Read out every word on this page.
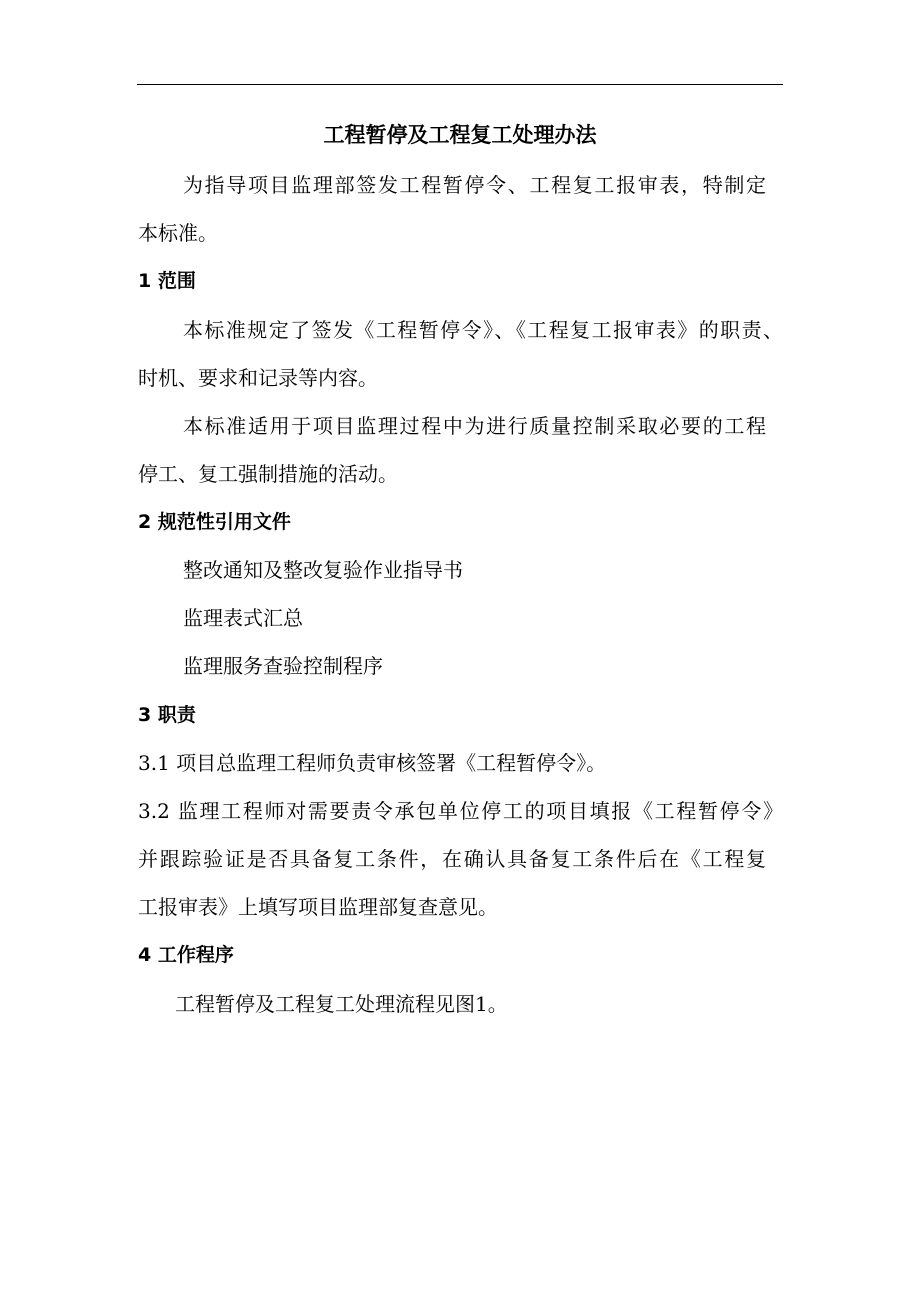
工程暂停及工程复工处理办法
为指导项目监理部签发工程暂停令、工程复工报审表，特制定
本标准。
1 范围
本标准规定了签发《工程暂停令》、《工程复工报审表》的职责、
时机、要求和记录等内容。
本标准适用于项目监理过程中为进行质量控制采取必要的工程
停工、复工强制措施的活动。
2 规范性引用文件
整改通知及整改复验作业指导书
监理表式汇总
监理服务查验控制程序
3 职责
3.1 项目总监理工程师负责审核签署《工程暂停令》。
3.2 监理工程师对需要责令承包单位停工的项目填报《工程暂停令》
并跟踪验证是否具备复工条件，在确认具备复工条件后在《工程复
工报审表》上填写项目监理部复查意见。
4 工作程序
工程暂停及工程复工处理流程见图1。
